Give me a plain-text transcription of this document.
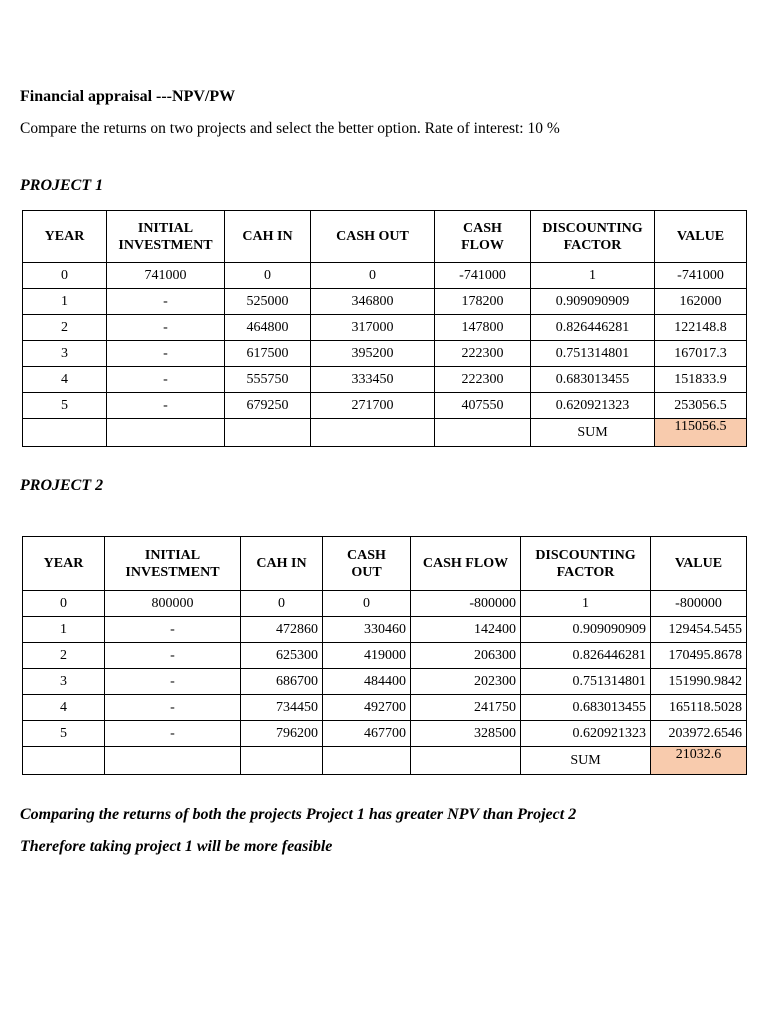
Financial appraisal ---NPV/PW
Compare the returns on two projects and select the better option. Rate of interest: 10 %
PROJECT 1
YEAR	INITIAL INVESTMENT	CAH IN	CASH OUT	CASH FLOW	DISCOUNTING FACTOR	VALUE
0	741000	0	0	-741000	1	-741000
1	-	525000	346800	178200	0.909090909	162000
2	-	464800	317000	147800	0.826446281	122148.8
3	-	617500	395200	222300	0.751314801	167017.3
4	-	555750	333450	222300	0.683013455	151833.9
5	-	679250	271700	407550	0.620921323	253056.5
					SUM	115056.5
PROJECT 2
YEAR	INITIAL INVESTMENT	CAH IN	CASH OUT	CASH FLOW	DISCOUNTING FACTOR	VALUE
0	800000	0	0	-800000	1	-800000
1	-	472860	330460	142400	0.909090909	129454.5455
2	-	625300	419000	206300	0.826446281	170495.8678
3	-	686700	484400	202300	0.751314801	151990.9842
4	-	734450	492700	241750	0.683013455	165118.5028
5	-	796200	467700	328500	0.620921323	203972.6546
					SUM	21032.6
Comparing the returns of both the projects Project 1 has greater NPV than Project 2
Therefore taking project 1 will be more feasible
